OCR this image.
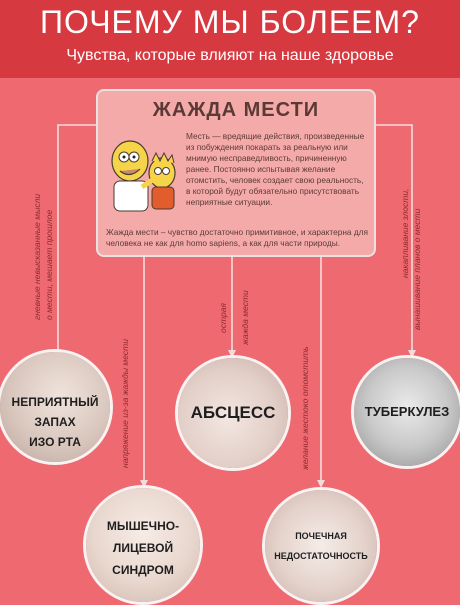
ПОЧЕМУ МЫ БОЛЕЕМ?
Чувства, которые влияют на наше здоровье
ЖАЖДА МЕСТИ
Месть — вредящие действия, произведенные из побуждения покарать за реальную или мнимую несправедливость, причиненную ранее. Постоянно испытывая желание отомстить, человек создает свою реальность, в которой будут обязательно присутствовать неприятные ситуации.
Жажда мести – чувство достаточно примитивное, и характерна для человека не как для homo sapiens, а как для части природы.
гневные невысказанные мысли о мести, мешает прошлое
напряжение из-за жажды мести
острая жажда мести
желание жестоко отомстить
накапливание злости, вынашивание планов о мести
НЕПРИЯТНЫЙ
ЗАПАХ
ИЗО РТА
АБСЦЕСС	ТУБЕРКУЛЕЗ
МЫШЕЧНО-
ЛИЦЕВОЙ
СИНДРОМ
ПОЧЕЧНАЯ
НЕДОСТАТОЧНОСТЬ
